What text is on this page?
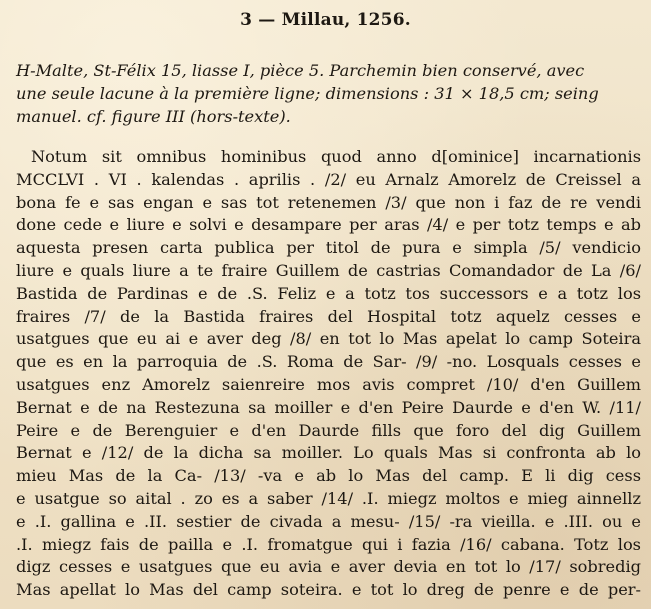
3 — Millau, 1256.
H-Malte, St-Félix 15, liasse I, pièce 5. Parchemin bien conservé, avec
une seule lacune à la première ligne; dimensions : 31 × 18,5 cm; seing
manuel. cf. figure III (hors-texte).
Notum sit omnibus hominibus quod anno d[ominice] incarnationis
MCCLVI . VI . kalendas . aprilis . /2/ eu Arnalz Amorelz de Creissel a
bona fe e sas engan e sas tot retenemen /3/ que non i faz de re vendi
done cede e liure e solvi e desampare per aras /4/ e per totz temps e ab
aquesta presen carta publica per titol de pura e simpla /5/ vendicio
liure e quals liure a te fraire Guillem de castrias Comandador de La /6/
Bastida de Pardinas e de .S. Feliz e a totz tos successors e a totz los
fraires /7/ de la Bastida fraires del Hospital totz aquelz cesses e
usatgues que eu ai e aver deg /8/ en tot lo Mas apelat lo camp Soteira
que es en la parroquia de .S. Roma de Sar- /9/ -no. Losquals cesses e
usatgues enz Amorelz saienreire mos avis compret /10/ d'en Guillem
Bernat e de na Restezuna sa moiller e d'en Peire Daurde e d'en W. /11/
Peire e de Berenguier e d'en Daurde fills que foro del dig Guillem
Bernat e /12/ de la dicha sa moiller. Lo quals Mas si confronta ab lo
mieu Mas de la Ca- /13/ -va e ab lo Mas del camp. E li dig cess
e usatgue so aital . zo es a saber /14/ .I. miegz moltos e mieg ainnellz
e .I. gallina e .II. sestier de civada a mesu- /15/ -ra vieilla. e .III. ou e
.I. miegz fais de pailla e .I. fromatgue qui i fazia /16/ cabana. Totz los
digz cesses e usatgues que eu avia e aver devia en tot lo /17/ sobredig
Mas apellat lo Mas del camp soteira. e tot lo dreg de penre e de per-
